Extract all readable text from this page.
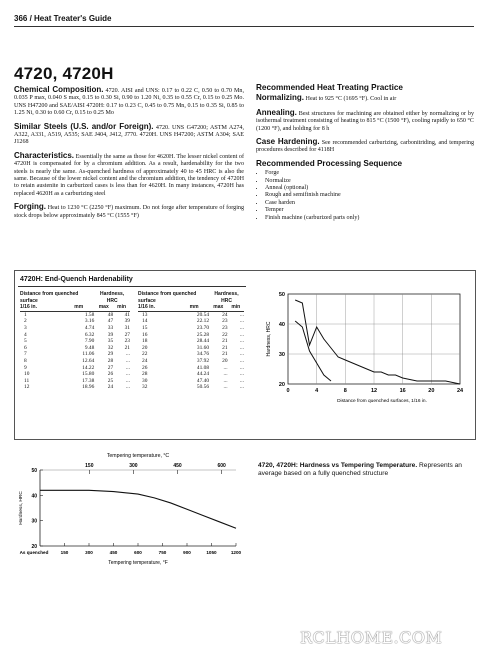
366 / Heat Treater's Guide
4720, 4720H

Chemical Composition. 4720. AISI and UNS: 0.17 to 0.22 C, 0.50 to 0.70 Mn, 0.035 P max, 0.040 S max, 0.15 to 0.30 Si, 0.90 to 1.20 Ni, 0.35 to 0.55 Cr, 0.15 to 0.25 Mo. UNS H47200 and SAE/AISI 4720H: 0.17 to 0.23 C, 0.45 to 0.75 Mn, 0.15 to 0.35 Si, 0.85 to 1.25 Ni, 0.30 to 0.60 Cr, 0.15 to 0.25 Mo

Similar Steels (U.S. and/or Foreign). 4720. UNS G47200; ASTM A274, A322, A331, A519, A535; SAE J404, J412, J770. 4720H. UNS H47200; ASTM A304; SAE J1268

Characteristics. Essentially the same as those for 4620H. The lesser nickel content of 4720H is compensated for by a chromium addition. As a result, hardenability for the two steels is nearly the same. As-quenched hardness of approximately 40 to 45 HRC is also the same. Because of the lower nickel content and the chromium addition, the tendency of 4720H to retain austenite in carburized cases is less than for 4620H. In many instances, 4720H has replaced 4620H as a carburizing steel

Forging. Heat to 1230 °C (2250 °F) maximum. Do not forge after temperature of forging stock drops below approximately 845 °C (1555 °F)

Recommended Heat Treating Practice

Normalizing. Heat to 925 °C (1695 °F). Cool in air

Annealing. Best structures for machining are obtained either by normalizing or by isothermal treatment consisting of heating to 815 °C (1500 °F), cooling rapidly to 650 °C (1200 °F), and holding for 8 h

Case Hardening. See recommended carburizing, carbonitriding, and tempering procedures described for 4118H

Recommended Processing Sequence
• Forge
• Normalize
• Anneal (optional)
• Rough and semifinish machine
• Case harden
• Temper
• Finish machine (carburized parts only)
4720H: End-Quench Hardenability
Distance from quenched surface		Hardness, HRC	
1/16 in.	mm	max	min
1	1.58	48	41
2	3.16	47	39
3	4.74	33	31
4	6.32	39	27
5	7.90	35	23
6	9.48	32	21
7	11.06	29	...
8	12.64	28	...
9	14.22	27	...
10	15.80	26	...
11	17.38	25	...
12	18.96	24	...
Distance from quenched surface		Hardness, HRC	
1/16 in.	mm	max	min
13	20.54	24	...
14	22.12	23	...
15	23.70	23	...
16	25.28	22	...
18	28.44	21	...
20	31.60	21	...
22	34.76	21	...
24	37.92	20	...
26	41.08	...	...
28	44.24	...	...
30	47.40	...	...
32	50.56	...	...
0	4	8	12	16	20	24
20
30
40
50
Hardness, HRC
Distance from quenched surfaces, 1/16 in.
Tempering temperature, °C
150	300	450	600
As quenched	150	300	450	600	750	900	1050	1200
20
30
40
50
Hardness, HRC
Tempering temperature, °F
4720, 4720H: Hardness vs Tempering Temperature. Represents an average based on a fully quenched structure
RCLHOME.COM
